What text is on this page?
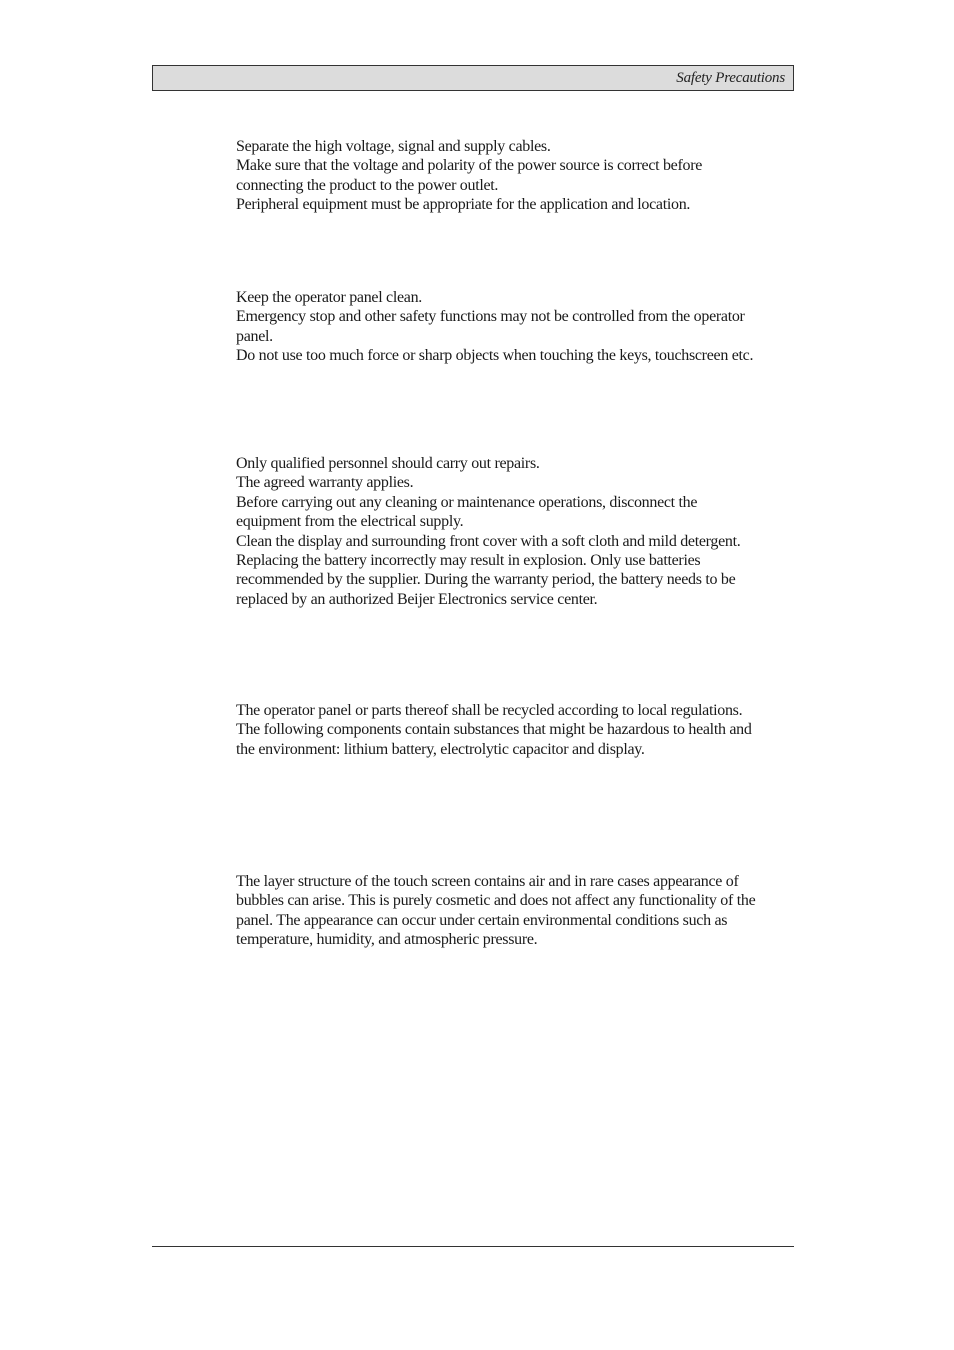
Safety Precautions

Separate the high voltage, signal and supply cables.

Make sure that the voltage and polarity of the power source is correct before connecting the product to the power outlet.

Peripheral equipment must be appropriate for the application and location.

Keep the operator panel clean.

Emergency stop and other safety functions may not be controlled from the operator panel.

Do not use too much force or sharp objects when touching the keys, touchscreen etc.

Only qualified personnel should carry out repairs.

The agreed warranty applies.

Before carrying out any cleaning or maintenance operations, disconnect the equipment from the electrical supply.

Clean the display and surrounding front cover with a soft cloth and mild detergent.

Replacing the battery incorrectly may result in explosion. Only use batteries recommended by the supplier. During the warranty period, the battery needs to be replaced by an authorized Beijer Electronics service center.

The operator panel or parts thereof shall be recycled according to local regulations.

The following components contain substances that might be hazardous to health and the environment: lithium battery, electrolytic capacitor and display.

The layer structure of the touch screen contains air and in rare cases appearance of bubbles can arise. This is purely cosmetic and does not affect any functionality of the panel. The appearance can occur under certain environmental conditions such as temperature, humidity, and atmospheric pressure.
